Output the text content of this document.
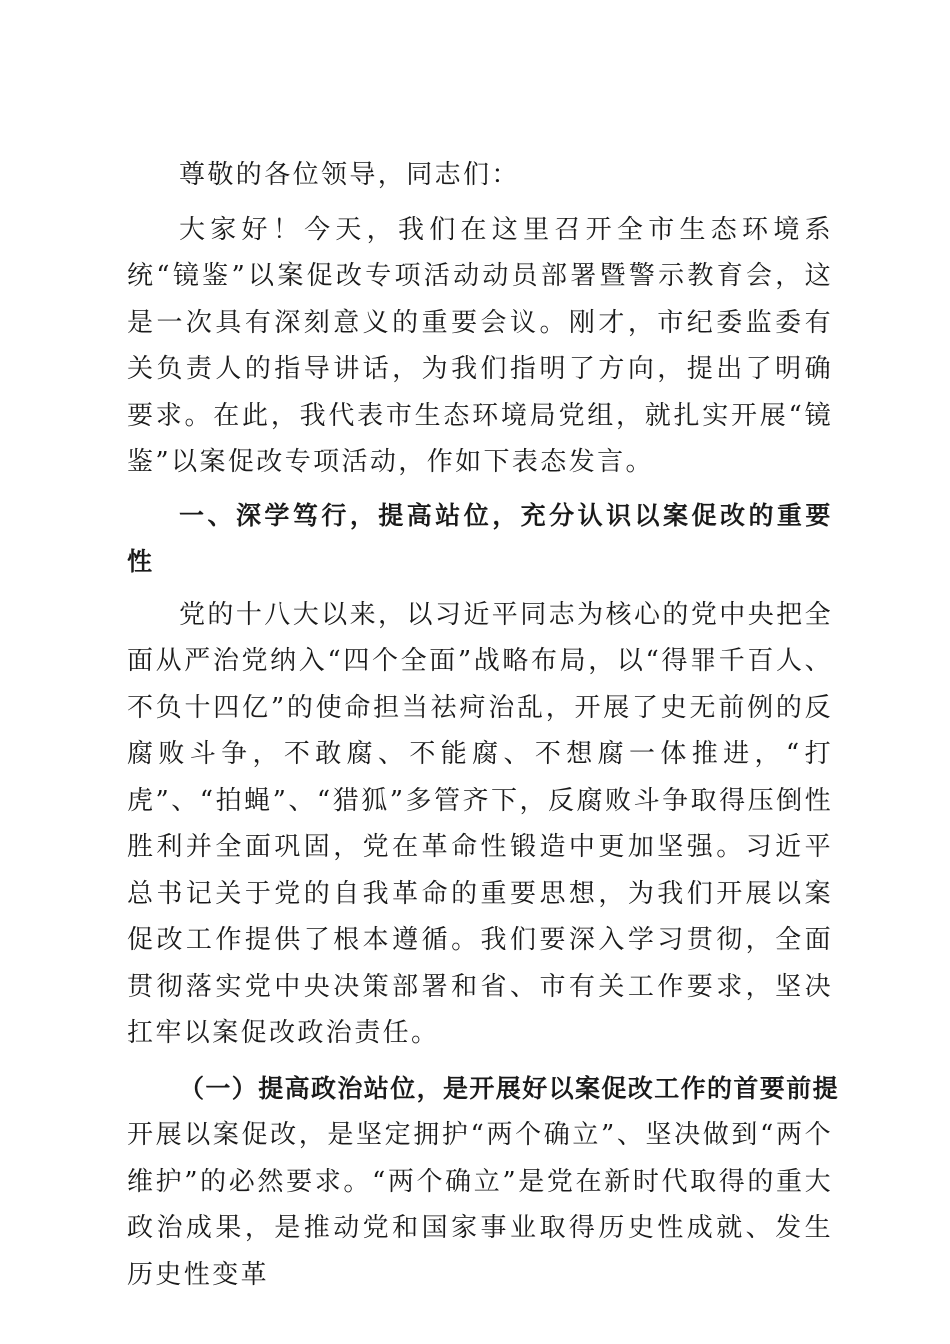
尊敬的各位领导，同志们：

大家好！今天，我们在这里召开全市生态环境系统“镜鉴”以案促改专项活动动员部署暨警示教育会，这是一次具有深刻意义的重要会议。刚才，市纪委监委有关负责人的指导讲话，为我们指明了方向，提出了明确要求。在此，我代表市生态环境局党组，就扎实开展“镜鉴”以案促改专项活动，作如下表态发言。

一、深学笃行，提高站位，充分认识以案促改的重要性

党的十八大以来，以习近平同志为核心的党中央把全面从严治党纳入“四个全面”战略布局，以“得罪千百人、不负十四亿”的使命担当祛疴治乱，开展了史无前例的反腐败斗争，不敢腐、不能腐、不想腐一体推进，“打虎”、“拍蝇”、“猎狐”多管齐下，反腐败斗争取得压倒性胜利并全面巩固，党在革命性锻造中更加坚强。习近平总书记关于党的自我革命的重要思想，为我们开展以案促改工作提供了根本遵循。我们要深入学习贯彻，全面贯彻落实党中央决策部署和省、市有关工作要求，坚决扛牢以案促改政治责任。

（一）提高政治站位，是开展好以案促改工作的首要前提

开展以案促改，是坚定拥护“两个确立”、坚决做到“两个维护”的必然要求。“两个确立”是党在新时代取得的重大政治成果，是推动党和国家事业取得历史性成就、发生历史性变革
